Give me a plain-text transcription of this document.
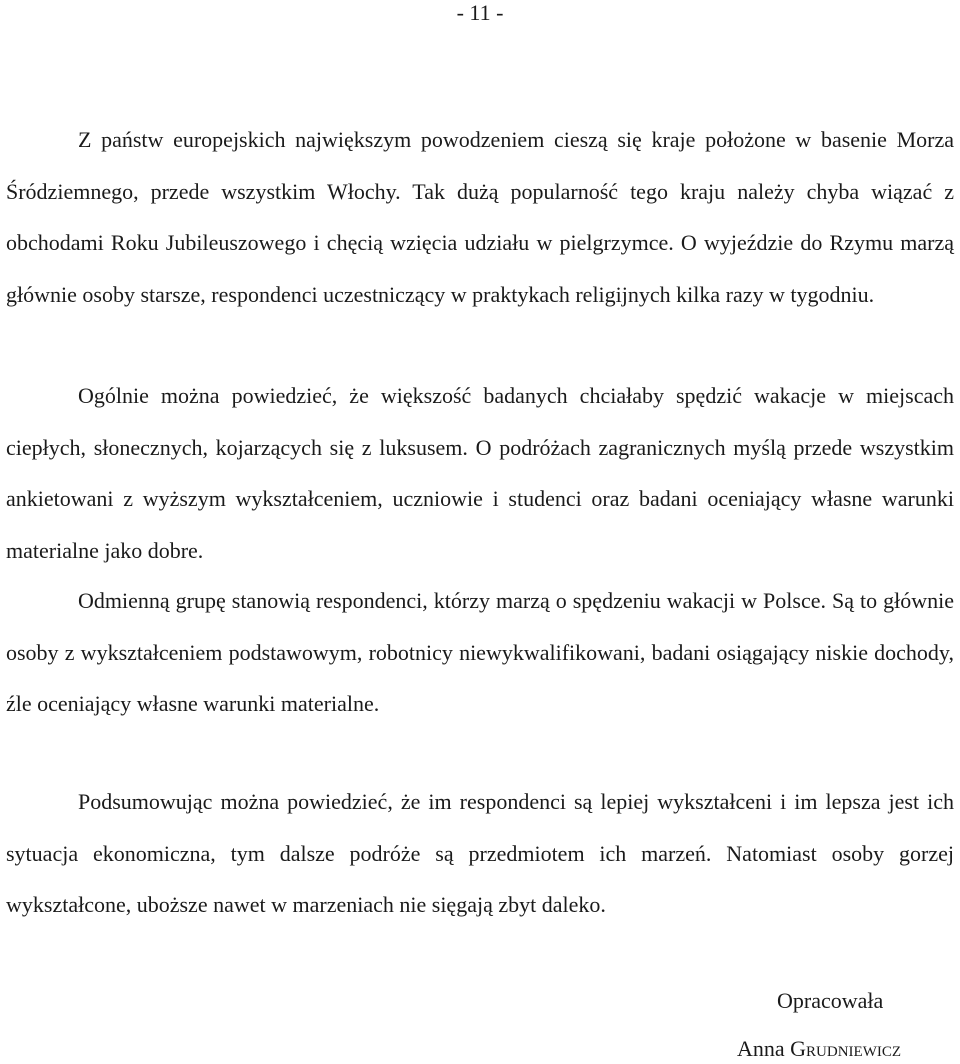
- 11 -

Z państw europejskich największym powodzeniem cieszą się kraje położone w basenie Morza Śródziemnego, przede wszystkim Włochy. Tak dużą popularność tego kraju należy chyba wiązać z obchodami Roku Jubileuszowego i chęcią wzięcia udziału w pielgrzymce. O wyjeździe do Rzymu marzą głównie osoby starsze, respondenci uczestniczący w praktykach religijnych kilka razy w tygodniu.

Ogólnie można powiedzieć, że większość badanych chciałaby spędzić wakacje w miejscach ciepłych, słonecznych, kojarzących się z luksusem. O podróżach zagranicznych myślą przede wszystkim ankietowani z wyższym wykształceniem, uczniowie i studenci oraz badani oceniający własne warunki materialne jako dobre.

Odmienną grupę stanowią respondenci, którzy marzą o spędzeniu wakacji w Polsce. Są to głównie osoby z wykształceniem podstawowym, robotnicy niewykwalifikowani, badani osiągający niskie dochody, źle oceniający własne warunki materialne.

Podsumowując można powiedzieć, że im respondenci są lepiej wykształceni i im lepsza jest ich sytuacja ekonomiczna, tym dalsze podróże są przedmiotem ich marzeń. Natomiast osoby gorzej wykształcone, uboższe nawet w marzeniach nie sięgają zbyt daleko.

Opracowała
Anna Grudniewicz
